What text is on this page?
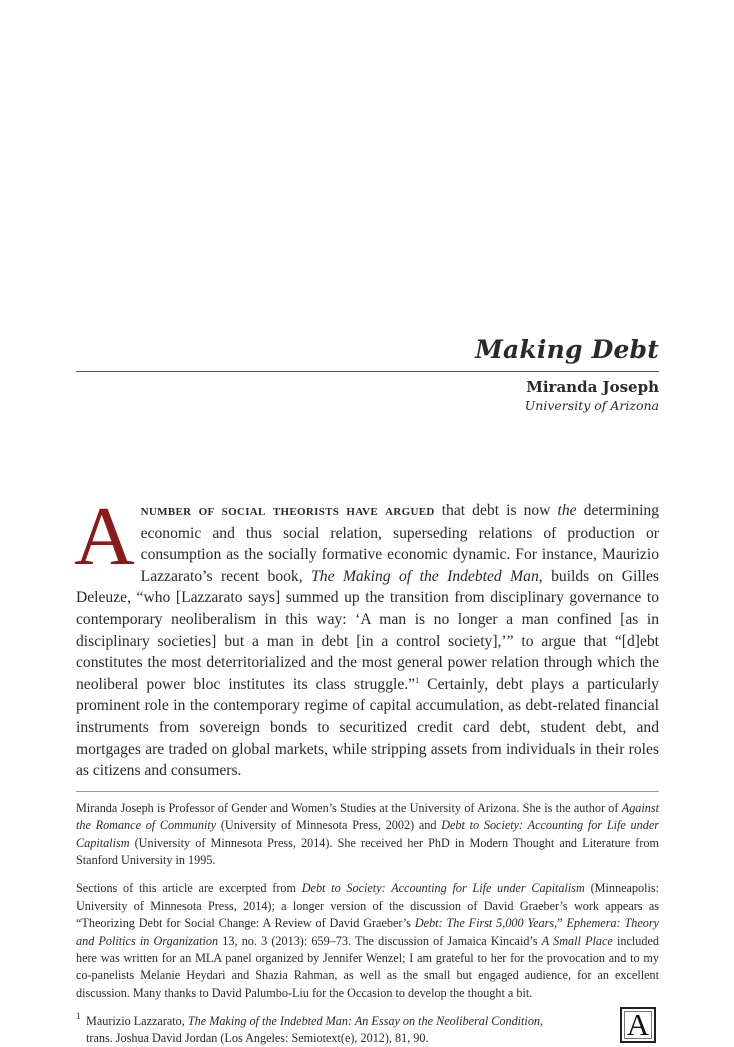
Making Debt
Miranda Joseph
University of Arizona

Anumber of social theorists have argued that debt is now the determining economic and thus social relation, superseding relations of production or consumption as the socially formative economic dynamic. For instance, Maurizio Lazzarato’s recent book, The Making of the Indebted Man, builds on Gilles Deleuze, “who [Lazzarato says] summed up the transition from disciplinary governance to contemporary neoliberalism in this way: ‘A man is no longer a man confined [as in disciplinary societies] but a man in debt [in a control society],’” to argue that “[d]ebt constitutes the most deterritorialized and the most general power relation through which the neoliberal power bloc institutes its class struggle.”$^1$ Certainly, debt plays a particularly prominent role in the contemporary regime of capital accumulation, as debt-related financial instruments from sovereign bonds to securitized credit card debt, student debt, and mortgages are traded on global markets, while stripping assets from individuals in their roles as citizens and consumers.

Miranda Joseph is Professor of Gender and Women’s Studies at the University of Arizona. She is the author of Against the Romance of Community (University of Minnesota Press, 2002) and Debt to Society: Accounting for Life under Capitalism (University of Minnesota Press, 2014). She received her PhD in Modern Thought and Literature from Stanford University in 1995.

Sections of this article are excerpted from Debt to Society: Accounting for Life under Capitalism (Minneapolis: University of Minnesota Press, 2014); a longer version of the discussion of David Graeber’s work appears as “Theorizing Debt for Social Change: A Review of David Graeber’s Debt: The First 5,000 Years,” Ephemera: Theory and Politics in Organization 13, no. 3 (2013): 659–73. The discussion of Jamaica Kincaid’s A Small Place included here was written for an MLA panel organized by Jennifer Wenzel; I am grateful to her for the provocation and to my co-panelists Melanie Heydari and Shazia Rahman, as well as the small but engaged audience, for an excellent discussion. Many thanks to David Palumbo-Liu for the Occasion to develop the thought a bit.

1 Maurizio Lazzarato, The Making of the Indebted Man: An Essay on the Neoliberal Condition, trans. Joshua David Jordan (Los Angeles: Semiotext(e), 2012), 81, 90.	A
